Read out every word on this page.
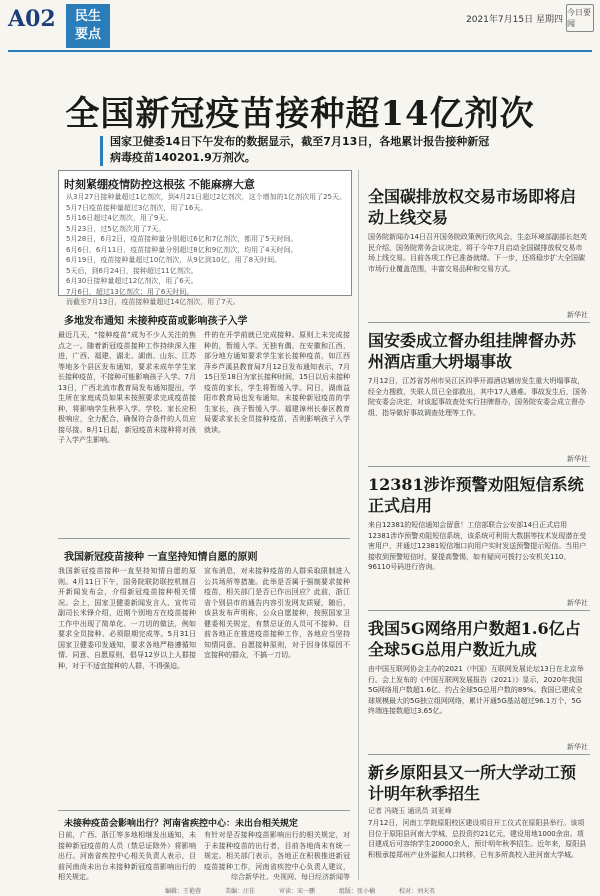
A02 民生
要点
2021年7月15日 星期四
今日要闻
全国新冠疫苗接种超14亿剂次
国家卫健委14日下午发布的数据显示，截至7月13日，各地累计报告接种新冠病毒疫苗140201.9万剂次。
时刻紧绷疫情防控这根弦 不能麻痹大意
从3月27日接种量超过1亿剂次，到4月21日超过2亿剂次，这个增加的1亿剂次用了25天。
5月7日疫苗接种量超过3亿剂次，用了16天。
5月16日超过4亿剂次，用了9天。
5月23日，过5亿剂次用了7天。
5月28日，6月2日，疫苗接种量分别超过6亿和7亿剂次，都用了5天时间。
6月6日，6月11日，疫苗接种量分别超过8亿和9亿剂次，均用了4天时间。
6月19日，疫苗接种量超过10亿剂次，从9亿到10亿，用了8天时间。
5天后，到6月24日，接种超过11亿剂次。
6月30日接种量超过12亿剂次，用了6天。
7月6日，超过13亿剂次；用了6天时间。
而截至7月13日，疫苗接种量超过14亿剂次，用了7天。
多地发布通知 未接种疫苗或影响孩子入学
最近几天，“接种疫苗”成为不少人关注的焦点之一。随着新冠疫苗接种工作持续深入推进，广西、福建、湖北、湖南、山东、江苏等地多个县区发布通知，要求未成年学生家长接种疫苗，不接种可能影响孩子入学。7月13日，广西北流市教育局发布通知提出，学生所在家庭成员如果未按照要求完成疫苗接种，将影响学生秋季入学。学校、家长应积极响应，全力配合，确保符合条件的人员应接尽接。8月1日起，新冠疫苗未接种将对孩子入学产生影响。
件的在开学前就已完成接种。原则上未完成接种的，暂缓入学。无独有偶，在安徽和江西，部分地方通知要求学生家长接种疫苗，如江西萍乡芦溪县教育局7月12日发布通知表示，7月15日至18日为家长接种时间，15日以后未接种疫苗的家长，学生将暂缓入学。同日，湖南益阳市教育局也发布通知，未接种新冠疫苗的学生家长，孩子暂缓入学。福建漳州长泰区教育局要求家长全员接种疫苗，否则影响孩子入学就读。
我国新冠疫苗接种 一直坚持知情自愿的原则
我国新冠疫苗接种一直坚持知情自愿的原则。4月11日下午，国务院联防联控机制召开新闻发布会，介绍新冠疫苗接种相关情况。会上，国家卫健委新闻发言人、宣传司副司长米锋介绍，近期个别地方在疫苗接种工作中出现了简单化、一刀切的做法，例如要求全员接种、必须限期完成等。5月31日国家卫健委印发通知，要求各地严格遵循知情、同意、自愿原则，倡导12岁以上人群接种，对于不适宜接种的人群，不得强迫。
宣布消息，对未接种疫苗的人群采取限制进入公共场所等措施。此举是否属于强制要求接种疫苗，相关部门是否已作出回应？此前，浙江省个别县市的通告内容引发网友质疑，随后，该县发布声明称，公众自愿接种，按照国家卫健委相关规定，有禁忌证的人员可不接种。目前各地正在推进疫苗接种工作，各地应当坚持知情同意、自愿接种原则，对于因身体原因不宜接种的群众，不搞一刀切。
未接种疫苗会影响出行？河南省疾控中心：未出台相关规定
日前，广西、浙江等多地相继发出通知，未接种新冠疫苗的人员（禁忌证除外）将影响出行。河南省疾控中心相关负责人表示，目前河南尚未出台未接种新冠疫苗影响出行的相关规定。
有针对是否接种疫苗影响出行的相关规定，对于未接种疫苗的出行者，目前各地尚未有统一规定。相关部门表示，各地正在积极推进新冠疫苗接种工作，河南省疾控中心负责人建议，
综合新华社、央视网、每日经济新闻等
全国碳排放权交易市场即将启动上线交易
国务院新闻办14日召开国务院政策例行吹风会，生态环境部副部长赵英民介绍，国务院常务会议决定，将于今年7月启动全国碳排放权交易市场上线交易。目前各项工作已准备就绪。下一步，还将稳步扩大全国碳市场行业覆盖范围，丰富交易品种和交易方式。
新华社
国安委成立督办组挂牌督办苏州酒店重大坍塌事故
7月12日，江苏省苏州市吴江区四季开源酒店辅房发生重大坍塌事故，经全力搜救，失联人员已全部救出，其中17人遇难。事故发生后，国务院安委会决定，对该起事故查处实行挂牌督办，国务院安委会成立督办组，指导做好事故调查处理等工作。
新华社
12381涉诈预警劝阻短信系统正式启用
来自12381的短信通知会留意！工信部联合公安部14日正式启用12381涉诈预警劝阻短信系统，该系统可利用大数据等技术发现潜在受害用户，并通过12381短信端口向用户实时发送预警提示短信。当用户接收到预警短信时，要提高警惕，如有疑问可拨打公安机关110、96110号码进行咨询。
新华社
我国5G网络用户数超1.6亿占全球5G总用户数近九成
由中国互联网协会主办的2021（中国）互联网发展论坛13日在北京举行。会上发布的《中国互联网发展报告（2021）》显示，2020年我国5G网络用户数超1.6亿，约占全球5G总用户数的89%。我国已建成全球规模最大的5G独立组网网络，累计开通5G基站超过96.1万个，5G终端连接数超过3.65亿。
新华社
新乡原阳县又一所大学动工预计明年秋季招生
记者 冯晓玉 通讯员 刘亚峰
7月12日，河南工学院原阳校区建设项目开工仪式在原阳县举行。该项目位于原阳县河南大学城，总投资约21亿元，建设用地1000余亩。项目建成后可容纳学生20000余人，预计明年秋季招生。近年来，原阳县积极承接郑州产业外溢和人口转移，已有多所高校入驻河南大学城。
编辑：王艳蓉	美编：汪佳	审读：宋一鹏	组版：张小楠	校对：刘天英
